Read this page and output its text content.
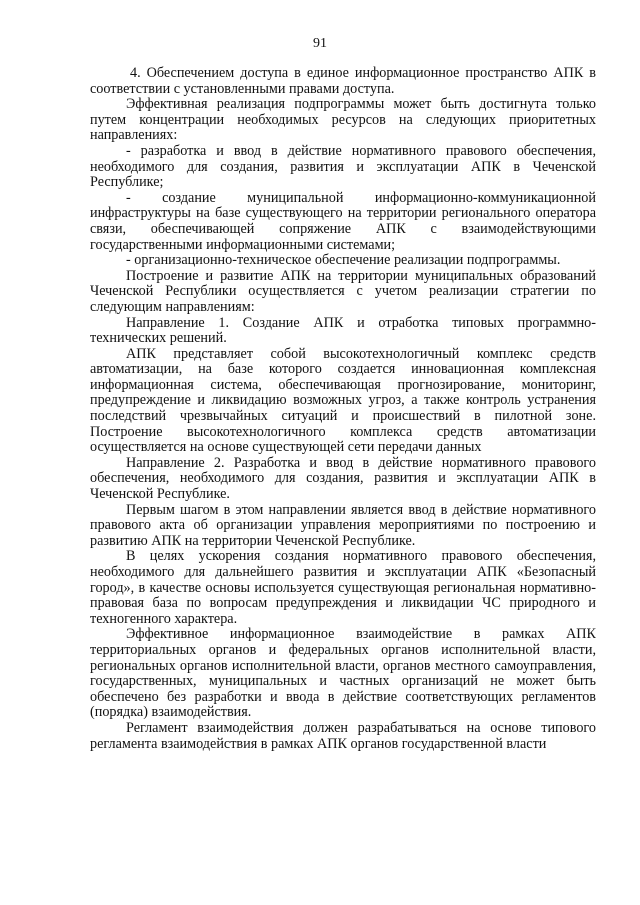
91

4. Обеспечением доступа в единое информационное пространство АПК в соответствии с установленными правами доступа.

Эффективная реализация подпрограммы может быть достигнута только путем концентрации необходимых ресурсов на следующих приоритетных направлениях:

- разработка и ввод в действие нормативного правового обеспечения, необходимого для создания, развития и эксплуатации АПК в Чеченской Республике;

- создание муниципальной информационно-коммуникационной инфраструктуры на базе существующего на территории регионального оператора связи, обеспечивающей сопряжение АПК с взаимодействующими государственными информационными системами;

- организационно-техническое обеспечение реализации подпрограммы.

Построение и развитие АПК на территории муниципальных образований Чеченской Республики осуществляется с учетом реализации стратегии по следующим направлениям:

Направление 1. Создание АПК и отработка типовых программно-технических решений.

АПК представляет собой высокотехнологичный комплекс средств автоматизации, на базе которого создается инновационная комплексная информационная система, обеспечивающая прогнозирование, мониторинг, предупреждение и ликвидацию возможных угроз, а также контроль устранения последствий чрезвычайных ситуаций и происшествий в пилотной зоне. Построение высокотехнологичного комплекса средств автоматизации осуществляется на основе существующей сети передачи данных

Направление 2. Разработка и ввод в действие нормативного правового обеспечения, необходимого для создания, развития и эксплуатации АПК в Чеченской Республике.

Первым шагом в этом направлении является ввод в действие нормативного правового акта об организации управления мероприятиями по построению и развитию АПК на территории Чеченской Республике.

В целях ускорения создания нормативного правового обеспечения, необходимого для дальнейшего развития и эксплуатации АПК «Безопасный город», в качестве основы используется существующая региональная нормативно-правовая база по вопросам предупреждения и ликвидации ЧС природного и техногенного характера.

Эффективное информационное взаимодействие в рамках АПК территориальных органов и федеральных органов исполнительной власти, региональных органов исполнительной власти, органов местного самоуправления, государственных, муниципальных и частных организаций не может быть обеспечено без разработки и ввода в действие соответствующих регламентов (порядка) взаимодействия.

Регламент взаимодействия должен разрабатываться на основе типового регламента взаимодействия в рамках АПК органов государственной власти
